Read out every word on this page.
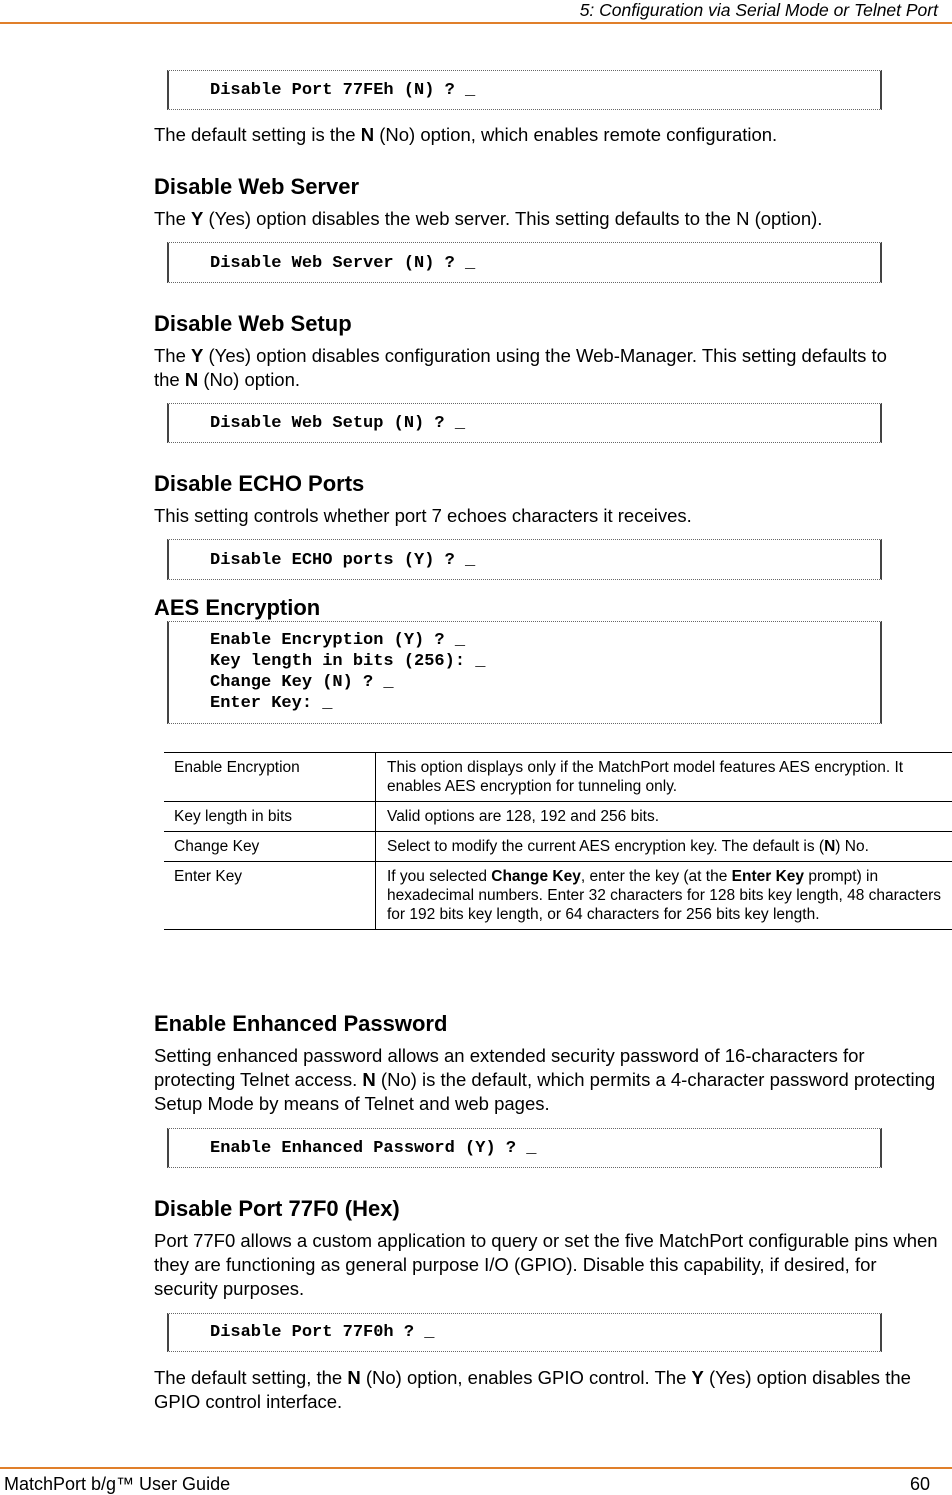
5: Configuration via Serial Mode or Telnet Port
Disable Port 77FEh (N) ? _
The default setting is the N (No) option, which enables remote configuration.
Disable Web Server
The Y (Yes) option disables the web server. This setting defaults to the N (option).
Disable Web Server (N) ? _
Disable Web Setup
The Y (Yes) option disables configuration using the Web-Manager. This setting defaults to the N (No) option.
Disable Web Setup (N) ? _
Disable ECHO Ports
This setting controls whether port 7 echoes characters it receives.
Disable ECHO ports (Y) ? _
AES Encryption
Enable Encryption (Y) ? _
Key length in bits (256): _
Change Key (N) ? _
Enter Key: _
Enable Encryption	This option displays only if the MatchPort model features AES encryption. It enables AES encryption for tunneling only.
Key length in bits	Valid options are 128, 192 and 256 bits.
Change Key	Select to modify the current AES encryption key. The default is (N) No.
Enter Key	If you selected Change Key, enter the key (at the Enter Key prompt) in hexadecimal numbers. Enter 32 characters for 128 bits key length, 48 characters for 192 bits key length, or 64 characters for 256 bits key length.
Enable Enhanced Password
Setting enhanced password allows an extended security password of 16-characters for protecting Telnet access. N (No) is the default, which permits a 4-character password protecting Setup Mode by means of Telnet and web pages.
Enable Enhanced Password (Y) ? _
Disable Port 77F0 (Hex)
Port 77F0 allows a custom application to query or set the five MatchPort configurable pins when they are functioning as general purpose I/O (GPIO). Disable this capability, if desired, for security purposes.
Disable Port 77F0h ? _
The default setting, the N (No) option, enables GPIO control. The Y (Yes) option disables the GPIO control interface.
MatchPort b/g™ User Guide	60
